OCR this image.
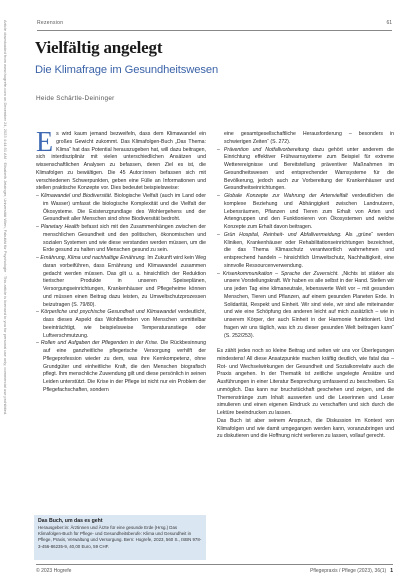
Article downloaded from www.hogrefe.com on December 24, 2023 4:44:51 AM · Elisabeth Jetzinger, Universität Wien, Fakultät für Psychologie · This article is licensed to you for personal use only; commercial use prohibited.	Rezension	61
Vielfältig angelegt
Die Klimafrage im Gesundheitswesen
Heide Schärtle-Deininger

Es wird kaum jemand bezweifeln, dass dem Klimawandel ein großes Gewicht zukommt. Das Klimafolgen-Buch „Das Thema: Klima“ hat das Potential herauszugeben hat, will dazu beitragen, sich interdisziplinär mit vielen unterschiedlichen Ansätzen und wissenschaftlichen Analysen zu befassen, deren Ziel es ist, die Klimafolgen zu bewältigen. Die 45 Autor:innen befassen sich mit verschiedenen Schwerpunkten, geben eine Fülle an Informationen und stellen praktische Konzepte vor. Dies bedeutet beispielsweise:

– Klimawandel und Biodiversität. Biologische Vielfalt (auch im Land oder im Wasser) umfasst die biologische Komplexität und die Vielfalt der Ökosysteme. Die Existenzgrundlage des Wohlergehens und der Gesundheit aller Menschen sind ohne Biodiversität bedroht.

– Planetary Health befasst sich mit den Zusammenhängen zwischen der menschlichen Gesundheit und den politischen, ökonomischen und sozialen Systemen und wie diese verstanden werden müssen, um die Erde gesund zu halten und Menschen gesund zu sein.

– Ernährung, Klima und nachhaltige Ernährung. Im Zukunft wird kein Weg daran vorbeiführen, dass Ernährung und Klimawandel zusammen gedacht werden müssen. Das gilt u. a. hinsichtlich der Reduktion tierischer Produkte in unseren Speiseplänen, Versorgungseinrichtungen, Krankenhäuser und Pflegeheime können und müssen einen Beitrag dazu leisten, zu Umweltschutzprozessen beizutragen (S. 79/80).

– Körperliche und psychische Gesundheit und Klimawandel verdeutlicht, dass dieses Aspekt das Wohlbefinden von Menschen unmittelbar beeinträchtigt, wie beispielsweise Temperaturanstiege oder Luftverschmutzung.

– Rollen und Aufgaben der Pflegenden in der Krise. Die Rückbesinnung auf eine ganzheitliche pflegerische Versorgung verhilft der Pflegeprofession wieder zu dem, was ihre Kernkompetenz, ohne Grundgüter und einheitliche Kraft, die den Menschen biografisch pflegt. Ihm menschliche Zuwendung gilt und diese persönlich in seinen Leiden unterstützt. Die Krise in der Pflege ist nicht nur ein Problem der Pflegefachschaften, sondern

eine gesamtgesellschaftliche Herausforderung – besonders in schwierigen Zeiten“ (S. 272).

– Prävention und Notfallvorbereitung dazu gehört unter anderem die Einrichtung effektiver Frühwarnsysteme zum Beispiel für extreme Wetterereignisse und Bereitstellung präventiver Maßnahmen im Gesundheitswesen und entsprechender Warnsysteme für die Bevölkerung, jedoch auch zur Vorbereitung der Krankenhäuser und Gesundheitseinrichtungen.

– Globale Konzepte zur Wahrung der Artenvielfalt verdeutlichen die komplexe Beziehung und Abhängigkeit zwischen Landnutzern, Lebensräumen, Pflanzen und Tieren zum Erhalt von Arten und Artengruppen und den Funktionieren von Ökosystemen und welche Konzepte zum Erhalt davon beitragen.

– Grün Hospital, Reinheit- und Abfallvermeidung. Als „grüne“ werden Kliniken, Krankenhäuser oder Rehabilitationseinrichtungen bezeichnet, die das Thema Klimaschutz verantwortlich wahrnehmen und entsprechend handeln – hinsichtlich Umweltschutz, Nachhaltigkeit, eine sinnvolle Ressourcenverwendung.

– Krisenkommunikation – Sprache der Zuversicht. „Nichts ist stärker als unsere Vorstellungskraft. Wir haben es alle selbst in der Hand. Stellen wir uns jeden Tag eine klimaneutrale, lebenswerte Welt vor – mit gesunden Menschen, Tieren und Pflanzen, auf einem gesunden Planeten Erde. In Solidarität, Respekt und Einheit. Wir sind viele, wir sind alle miteinander und wie eine Schöpfung des anderen leicht auf mich zusätzlich – wie in unserem Körper, der auch Einheit in der Harmonie funktioniert. Und fragen wir uns täglich, was ich zu dieser gesunden Welt beitragen kann“ (S. 252/253).

Es zählt jedes noch so kleine Beitrag und selten wir uns vor Überlegungen mindestens! All diese Ansatzpunkte machen kräftig deutlich, wie fatal das – Rot- und Wechselwirkungen der Gesundheit und Sozialkorrelativ auch die Praxis angehen. In der Thematik ist zeitliche ungelegte Ansätze und Ausführungen in einer Literatur Besprechung umfassend zu beschreiben. Es unmöglich. Das kann nur bruchstückhaft geschehen und zeigen, und die Themenstränge zum Inhalt auswerten und die Leserinnen und Leser simulieren und einen eigenen Eindruck zu verschaffen und sich durch die Lektüre beeindrucken zu lassen.

Das Buch ist aber seinem Anspruch, die Diskussion im Kontext von Klimafolgen und wie damit umgegangen werden kann, voranzubringen und zu diskutieren und die Hoffnung nicht verlieren zu lassen, vollauf gerecht.

Das Buch, um das es geht
Herausgeber:in: Ärztinnen und Ärzte für eine gesunde Erde (Hrsg.) Das Klimafolgen-Buch für Pflege- und Gesundheitsberufe: Klima und Gesundheit in Pflege, Praxis, Verwaltung und Versorgung. Bern: Hogrefe, 2023, 560 S., ISBN 978-3-456-86235-9, 40,00 Euro, 59 CHF.
© 2023 Hogrefe	Pflegepraxis / Pflege (2023), 36(1) 1
